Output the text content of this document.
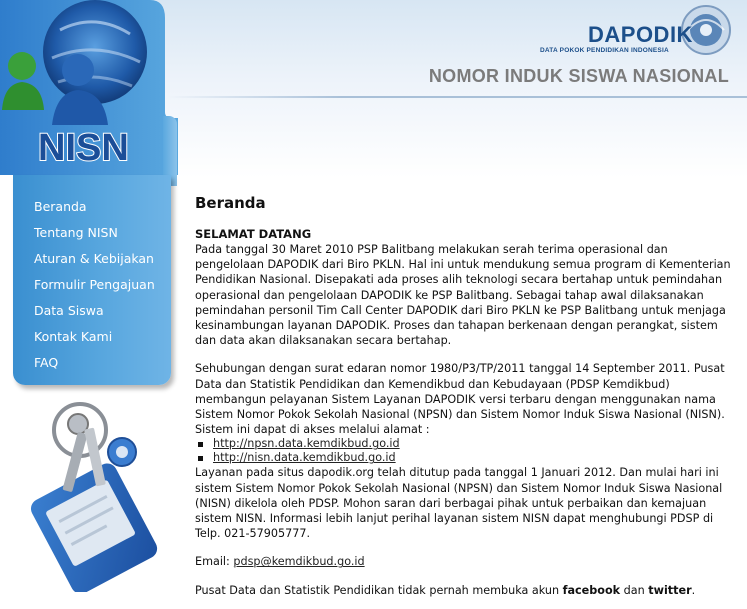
NISN
DAPODIK
DATA POKOK PENDIDIKAN INDONESIA
NOMOR INDUK SISWA NASIONAL
Beranda
Tentang NISN
Aturan & Kebijakan
Formulir Pengajuan
Data Siswa
Kontak Kami
FAQ
Beranda
SELAMAT DATANG

Pada tanggal 30 Maret 2010 PSP Balitbang melakukan serah terima operasional dan pengelolaan DAPODIK dari Biro PKLN. Hal ini untuk mendukung semua program di Kementerian Pendidikan Nasional. Disepakati ada proses alih teknologi secara bertahap untuk pemindahan operasional dan pengelolaan DAPODIK ke PSP Balitbang. Sebagai tahap awal dilaksanakan pemindahan personil Tim Call Center DAPODIK dari Biro PKLN ke PSP Balitbang untuk menjaga kesinambungan layanan DAPODIK. Proses dan tahapan berkenaan dengan perangkat, sistem dan data akan dilaksanakan secara bertahap.

Sehubungan dengan surat edaran nomor 1980/P3/TP/2011 tanggal 14 September 2011. Pusat Data dan Statistik Pendidikan dan Kemendikbud dan Kebudayaan (PDSP Kemdikbud) membangun pelayanan Sistem Layanan DAPODIK versi terbaru dengan menggunakan nama Sistem Nomor Pokok Sekolah Nasional (NPSN) dan Sistem Nomor Induk Siswa Nasional (NISN). Sistem ini dapat di akses melalui alamat :

http://npsn.data.kemdikbud.go.id
http://nisn.data.kemdikbud.go.id

Layanan pada situs dapodik.org telah ditutup pada tanggal 1 Januari 2012. Dan mulai hari ini sistem Sistem Nomor Pokok Sekolah Nasional (NPSN) dan Sistem Nomor Induk Siswa Nasional (NISN) dikelola oleh PDSP. Mohon saran dari berbagai pihak untuk perbaikan dan kemajuan sistem NISN. Informasi lebih lanjut perihal layanan sistem NISN dapat menghubungi PDSP di Telp. 021-57905777.

Email: pdsp@kemdikbud.go.id

Pusat Data dan Statistik Pendidikan tidak pernah membuka akun facebook dan twitter.
